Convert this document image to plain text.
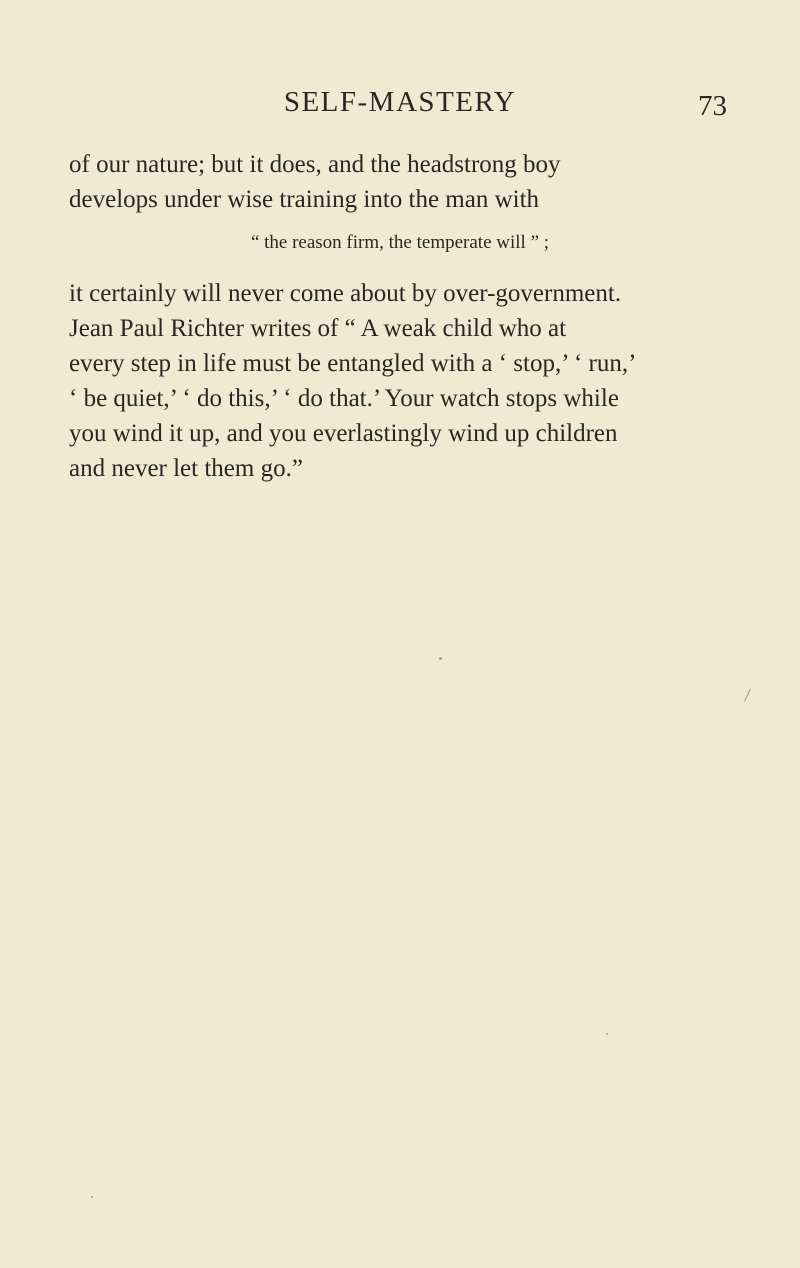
SELF-MASTERY	73
of our nature; but it does, and the headstrong boy
develops under wise training into the man with
“ the reason firm, the temperate will ” ;
it certainly will never come about by over-government.
Jean Paul Richter writes of “ A weak child who at
every step in life must be entangled with a ‘ stop,’ ‘ run,’
‘ be quiet,’ ‘ do this,’ ‘ do that.’ Your watch stops while
you wind it up, and you everlastingly wind up children
and never let them go.”
